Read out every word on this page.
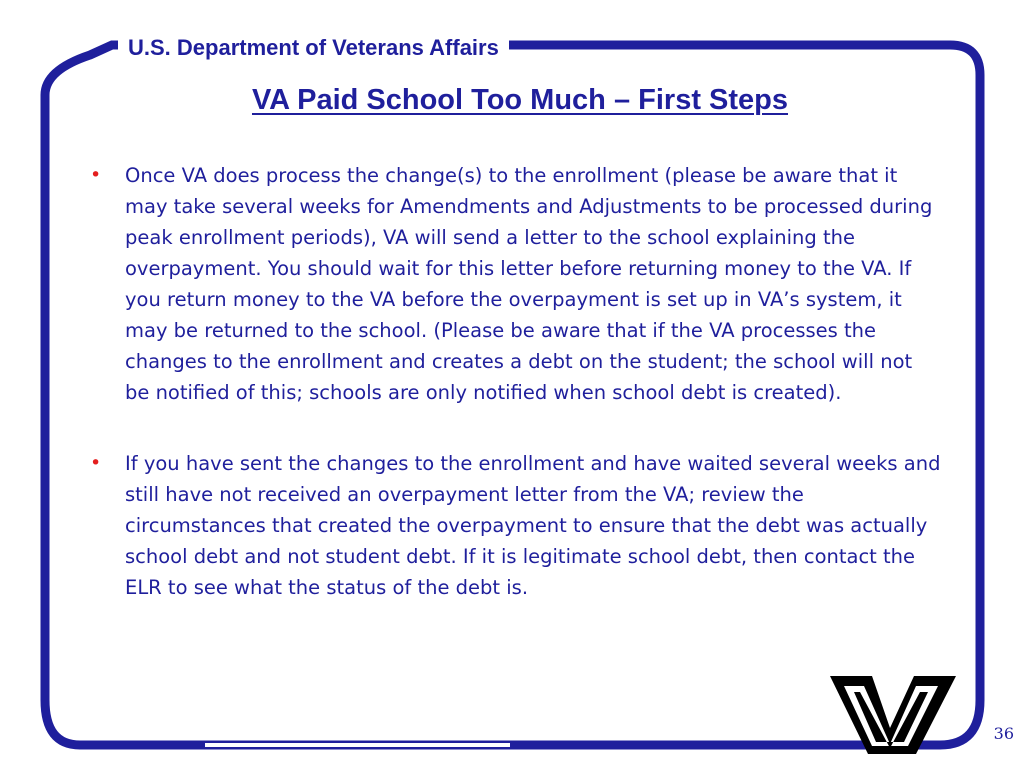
U.S. Department of Veterans Affairs
VA Paid School Too Much – First Steps
• Once VA does process the change(s) to the enrollment (please be aware that it may take several weeks for Amendments and Adjustments to be processed during peak enrollment periods), VA will send a letter to the school explaining the overpayment. You should wait for this letter before returning money to the VA. If you return money to the VA before the overpayment is set up in VA’s system, it may be returned to the school. (Please be aware that if the VA processes the changes to the enrollment and creates a debt on the student; the school will not be notified of this; schools are only notified when school debt is created).
• If you have sent the changes to the enrollment and have waited several weeks and still have not received an overpayment letter from the VA; review the circumstances that created the overpayment to ensure that the debt was actually school debt and not student debt. If it is legitimate school debt, then contact the ELR to see what the status of the debt is.
36
